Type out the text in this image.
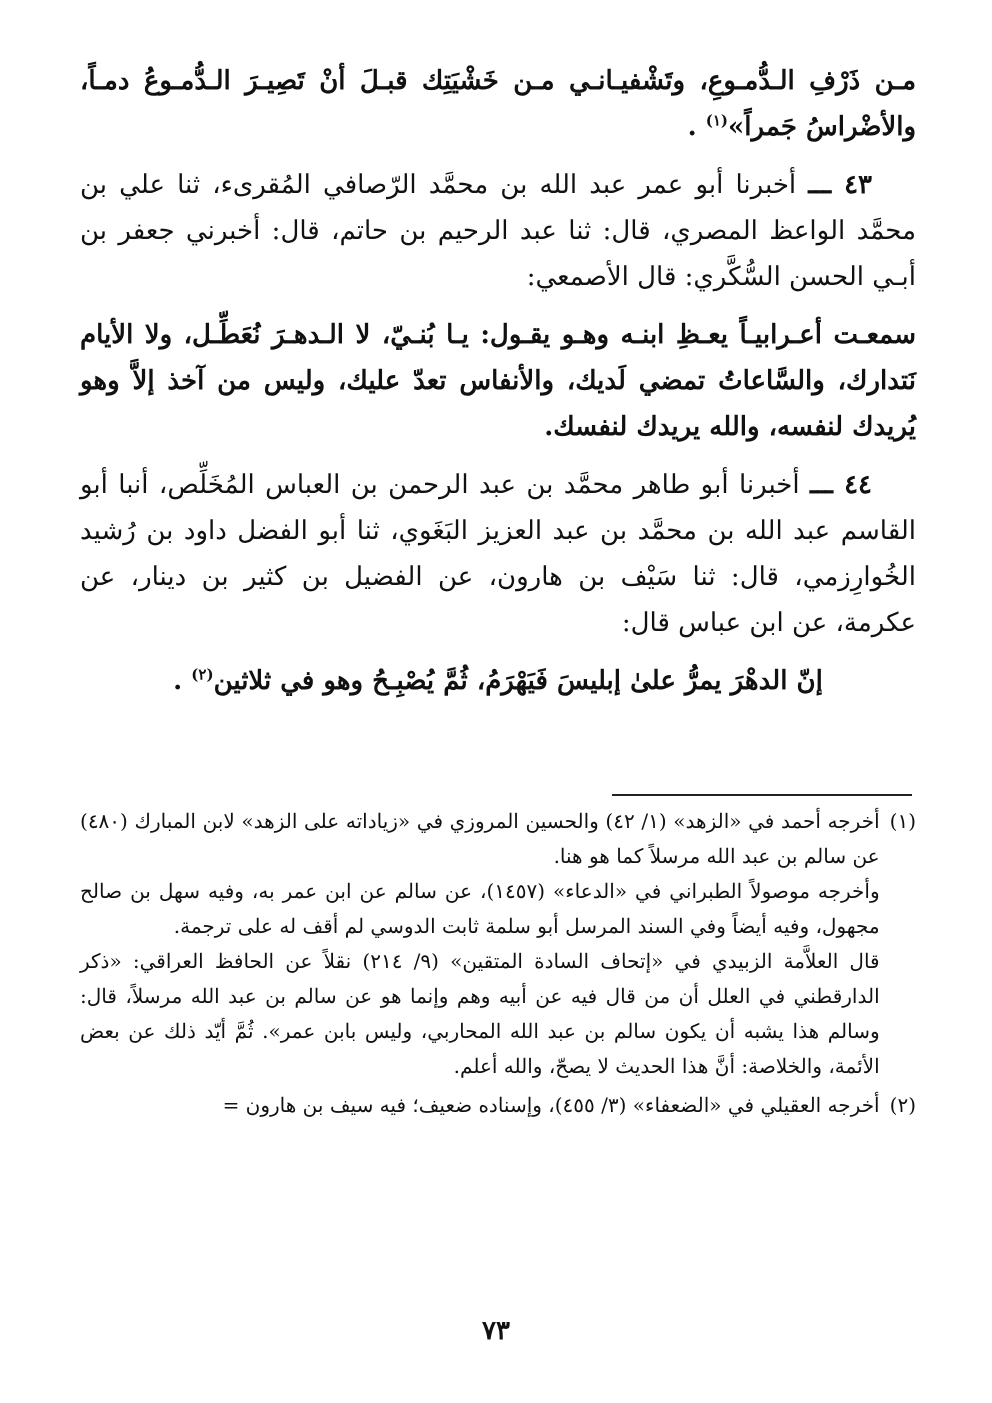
مـن ذَرْفِ الـدُّمـوعِ، وتَشْفيـانـي مـن خَشْيَتِك قبـلَ أنْ تَصِيـرَ الـدُّمـوعُ دمـاً، والأضْراسُ جَمراً»$^{(١)}$ .

٤٣ ـــ أخبرنا أبو عمر عبد الله بن محمَّد الرّصافي المُقرىء، ثنا علي بن محمَّد الواعظ المصري، قال: ثنا عبد الرحيم بن حاتم، قال: أخبرني جعفر بن أبـي الحسن السُّكَّري: قال الأصمعي:

سمعـت أعـرابيـاً يعـظِ ابنـه وهـو يقـول: يـا بُنـيّ، لا الـدهـرَ نُعَطِّـل، ولا الأيام نَتدارك، والسَّاعاتُ تمضي لَديك، والأنفاس تعدّ عليك، وليس من آخذ إلاَّ وهو يُريدك لنفسه، والله يريدك لنفسك.

٤٤ ـــ أخبرنا أبو طاهر محمَّد بن عبد الرحمن بن العباس المُخَلِّص، أنبا أبو القاسم عبد الله بن محمَّد بن عبد العزيز البَغَوي، ثنا أبو الفضل داود بن رُشيد الخُوارِزمي، قال: ثنا سَيْف بن هارون، عن الفضيل بن كثير بن دينار، عن عكرمة، عن ابن عباس قال:

إنّ الدهْرَ يمرُّ علىٰ إبليسَ فَيَهْرَمُ، ثُمَّ يُصْبِـحُ وهو في ثلاثين$^{(٢)}$ .

(١)

أخرجه أحمد في «الزهد» (١/ ٤٢) والحسين المروزي في «زياداته على الزهد» لابن المبارك (٤٨٠) عن سالم بن عبد الله مرسلاً كما هو هنا.

وأخرجه موصولاً الطبراني في «الدعاء» (١٤٥٧)، عن سالم عن ابن عمر به، وفيه سهل بن صالح مجهول، وفيه أيضاً وفي السند المرسل أبو سلمة ثابت الدوسي لم أقف له على ترجمة.

قال العلاَّمة الزبيدي في «إتحاف السادة المتقين» (٩/ ٢١٤) نقلاً عن الحافظ العراقي: «ذكر الدارقطني في العلل أن من قال فيه عن أبيه وهم وإنما هو عن سالم بن عبد الله مرسلاً، قال: وسالم هذا يشبه أن يكون سالم بن عبد الله المحاربي، وليس بابن عمر». ثُمَّ أيّد ذلك عن بعض الأئمة، والخلاصة: أنَّ هذا الحديث لا يصحّ، والله أعلم.

(٢)

أخرجه العقيلي في «الضعفاء» (٣/ ٤٥٥)، وإسناده ضعيف؛ فيه سيف بن هارون =

٧٣
